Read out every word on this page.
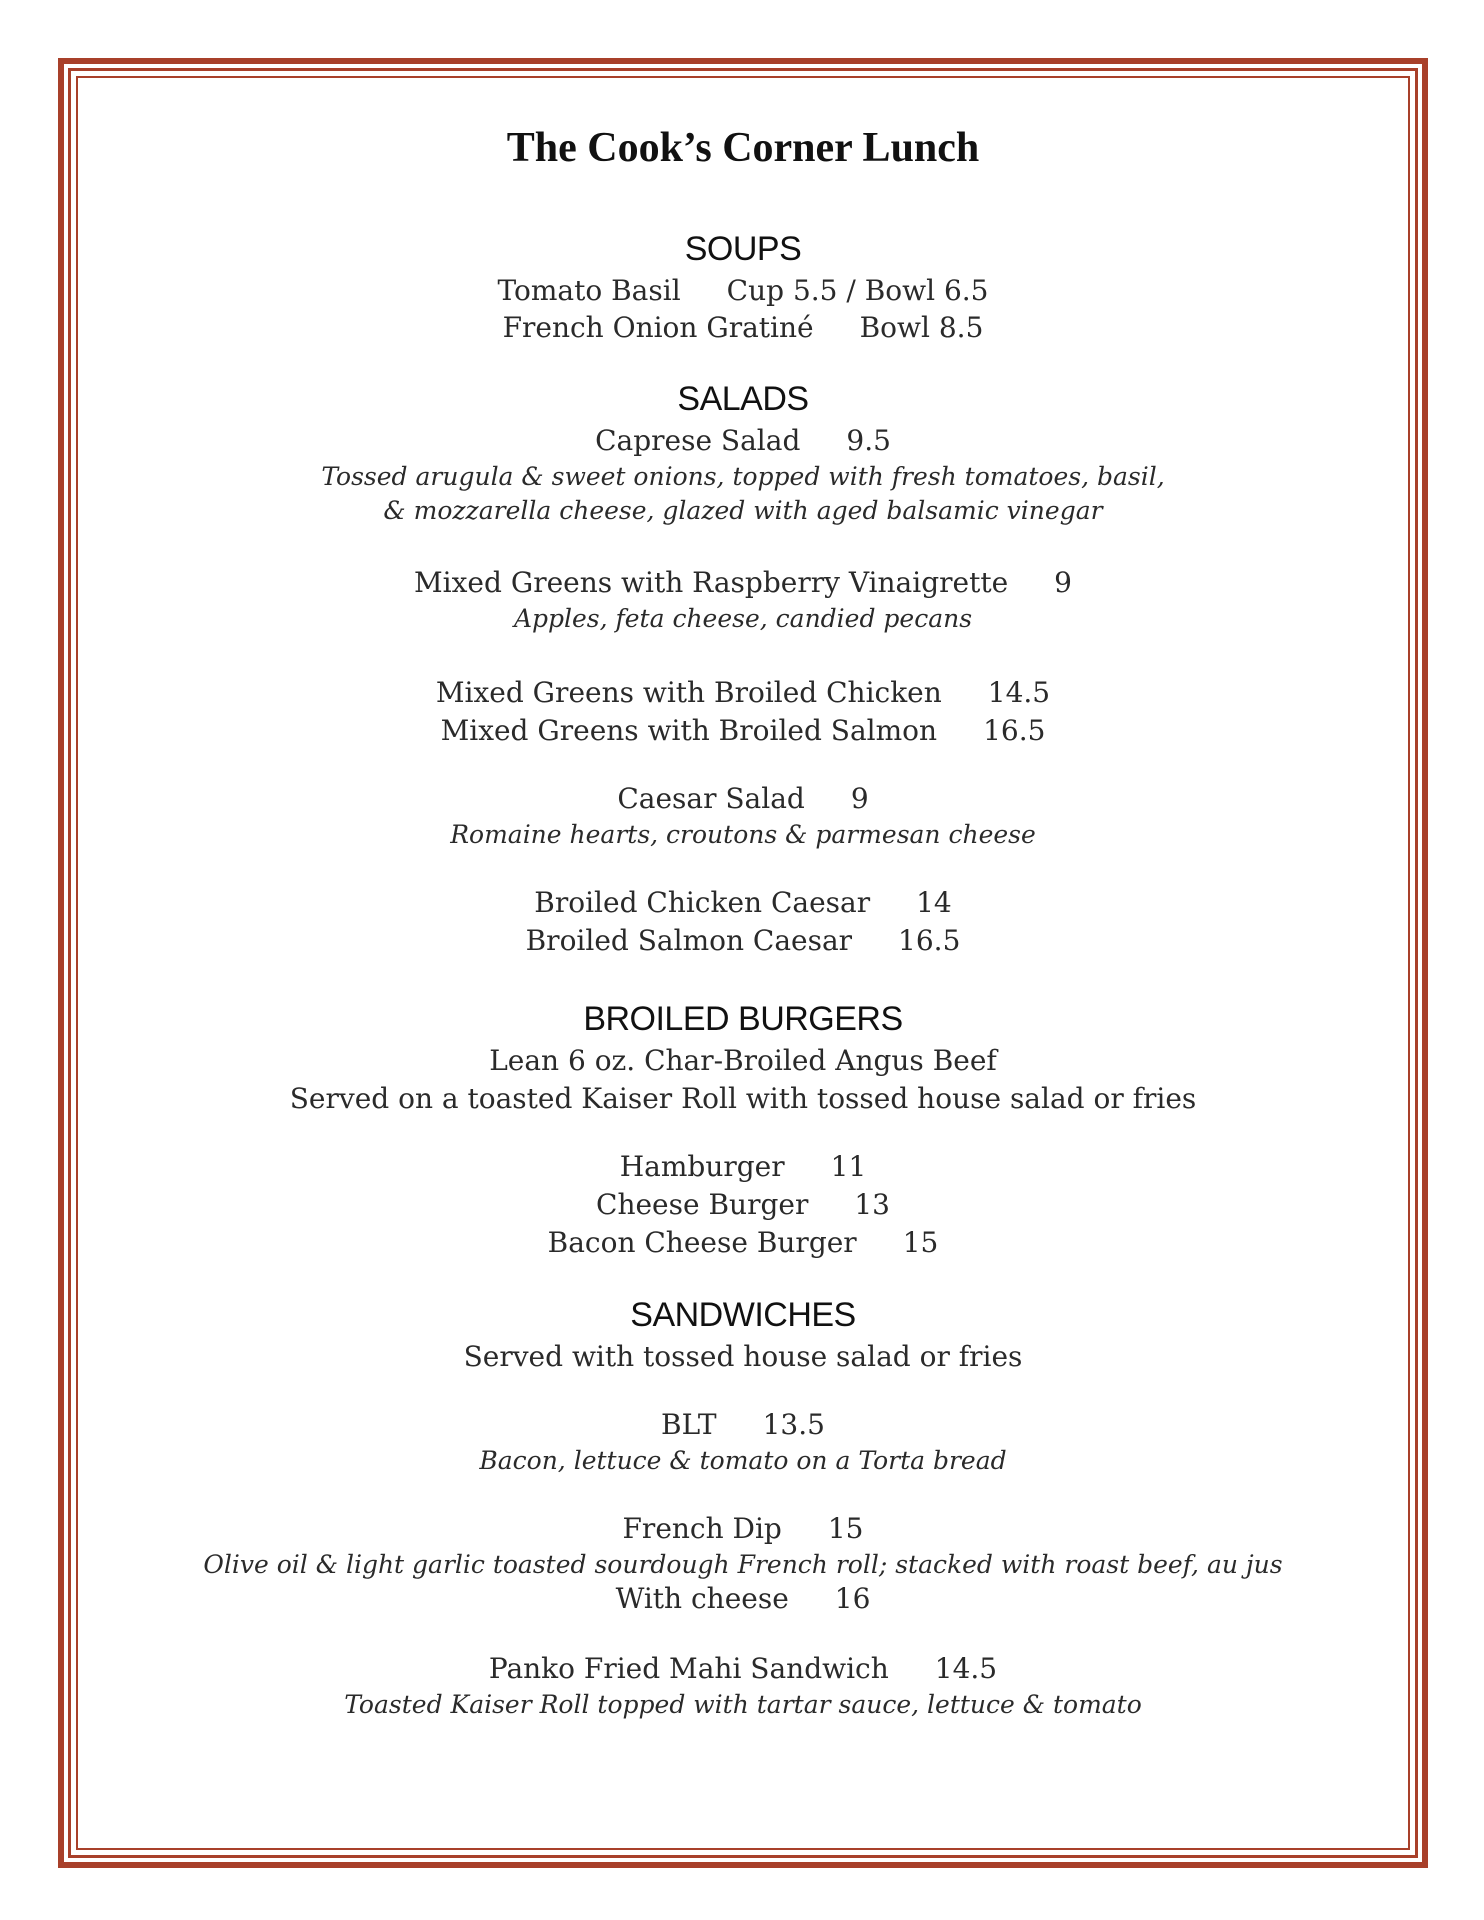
The Cook’s Corner Lunch
SOUPS
Tomato Basil Cup 5.5 / Bowl 6.5
French Onion Gratiné Bowl 8.5
SALADS
Caprese Salad 9.5
Tossed arugula & sweet onions, topped with fresh tomatoes, basil,
& mozzarella cheese, glazed with aged balsamic vinegar
Mixed Greens with Raspberry Vinaigrette 9
Apples, feta cheese, candied pecans
Mixed Greens with Broiled Chicken 14.5
Mixed Greens with Broiled Salmon 16.5
Caesar Salad 9
Romaine hearts, croutons & parmesan cheese
Broiled Chicken Caesar 14
Broiled Salmon Caesar 16.5
BROILED BURGERS
Lean 6 oz. Char-Broiled Angus Beef
Served on a toasted Kaiser Roll with tossed house salad or fries
Hamburger 11
Cheese Burger 13
Bacon Cheese Burger 15
SANDWICHES
Served with tossed house salad or fries
BLT 13.5
Bacon, lettuce & tomato on a Torta bread
French Dip 15
Olive oil & light garlic toasted sourdough French roll; stacked with roast beef, au jus
With cheese 16
Panko Fried Mahi Sandwich 14.5
Toasted Kaiser Roll topped with tartar sauce, lettuce & tomato
